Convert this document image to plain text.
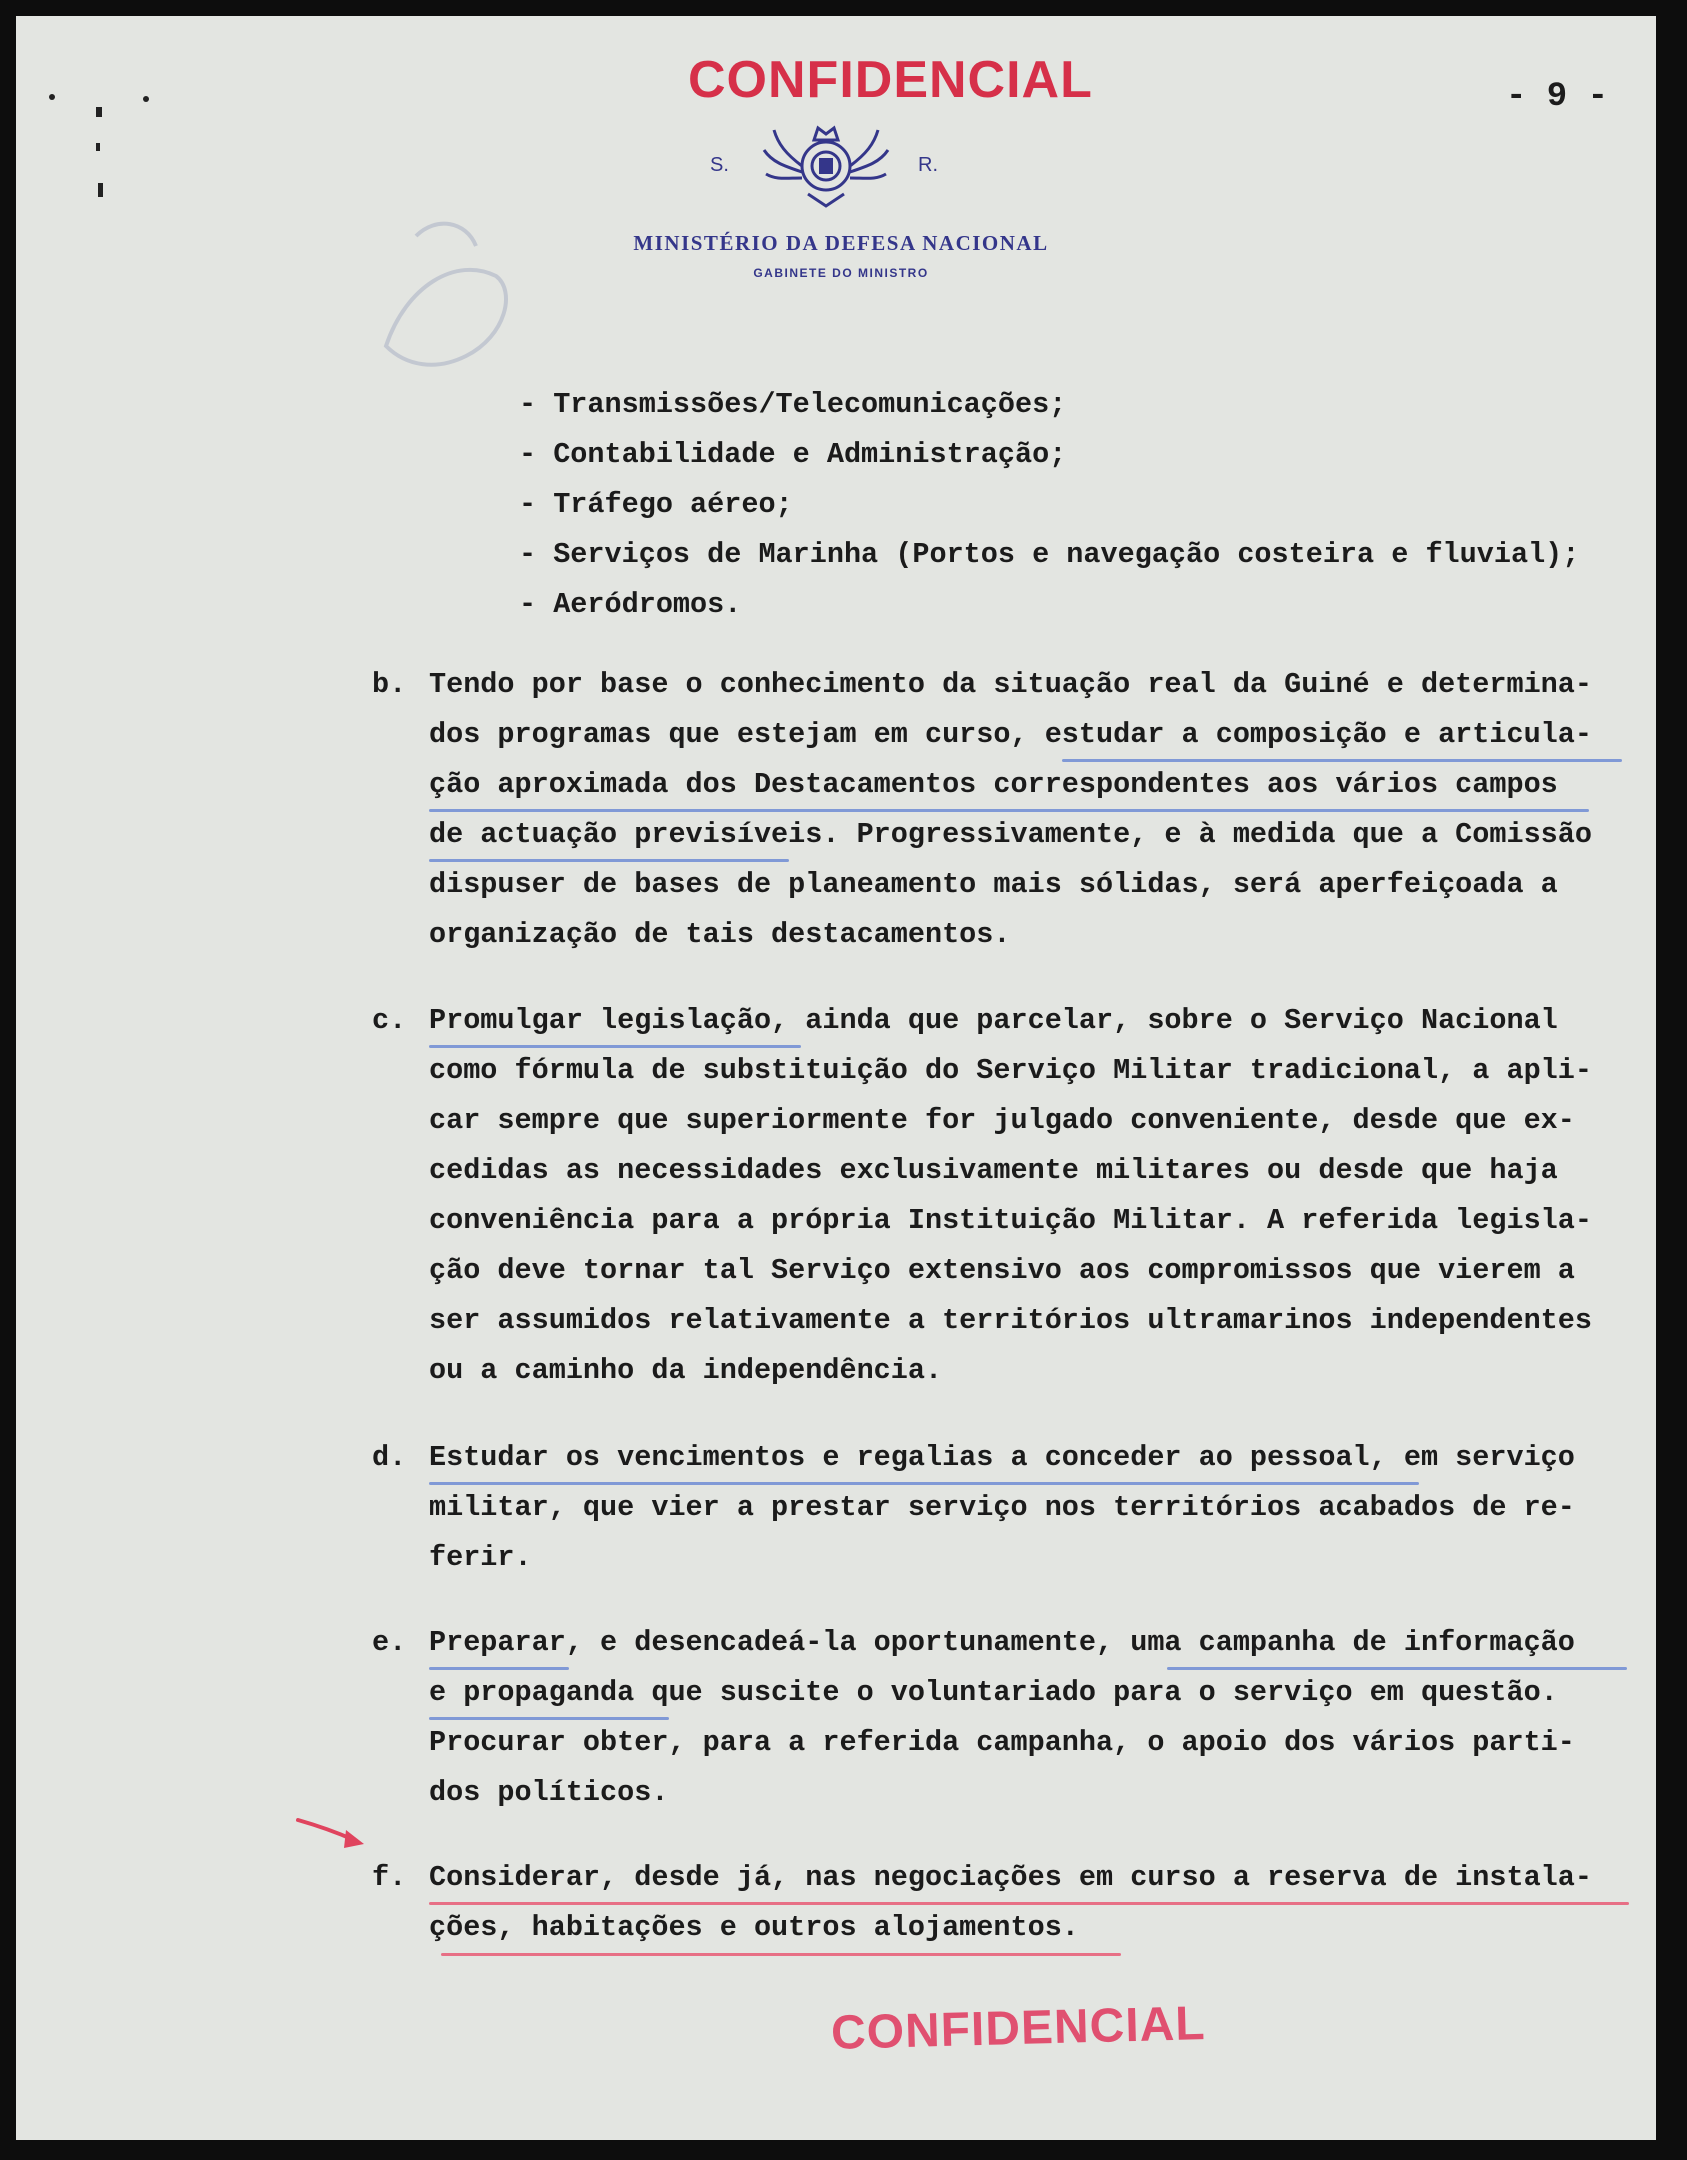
CONFIDENCIAL	- 9 -
S.	R.
MINISTÉRIO DA DEFESA NACIONAL
GABINETE DO MINISTRO
- Transmissões/Telecomunicações;
- Contabilidade e Administração;
- Tráfego aéreo;
- Serviços de Marinha (Portos e navegação costeira e fluvial);
- Aeródromos.
b. Tendo por base o conhecimento da situação real da Guiné e determina-
dos programas que estejam em curso, estudar a composição e articula-
ção aproximada dos Destacamentos correspondentes aos vários campos
de actuação previsíveis. Progressivamente, e à medida que a Comissão
dispuser de bases de planeamento mais sólidas, será aperfeiçoada a
organização de tais destacamentos.
c. Promulgar legislação, ainda que parcelar, sobre o Serviço Nacional
como fórmula de substituição do Serviço Militar tradicional, a apli-
car sempre que superiormente for julgado conveniente, desde que ex-
cedidas as necessidades exclusivamente militares ou desde que haja
conveniência para a própria Instituição Militar. A referida legisla-
ção deve tornar tal Serviço extensivo aos compromissos que vierem a
ser assumidos relativamente a territórios ultramarinos independentes
ou a caminho da independência.
d. Estudar os vencimentos e regalias a conceder ao pessoal, em serviço
militar, que vier a prestar serviço nos territórios acabados de re-
ferir.
e. Preparar, e desencadeá-la oportunamente, uma campanha de informação
e propaganda que suscite o voluntariado para o serviço em questão.
Procurar obter, para a referida campanha, o apoio dos vários parti-
dos políticos.
f. Considerar, desde já, nas negociações em curso a reserva de instala-
ções, habitações e outros alojamentos.
CONFIDENCIAL
